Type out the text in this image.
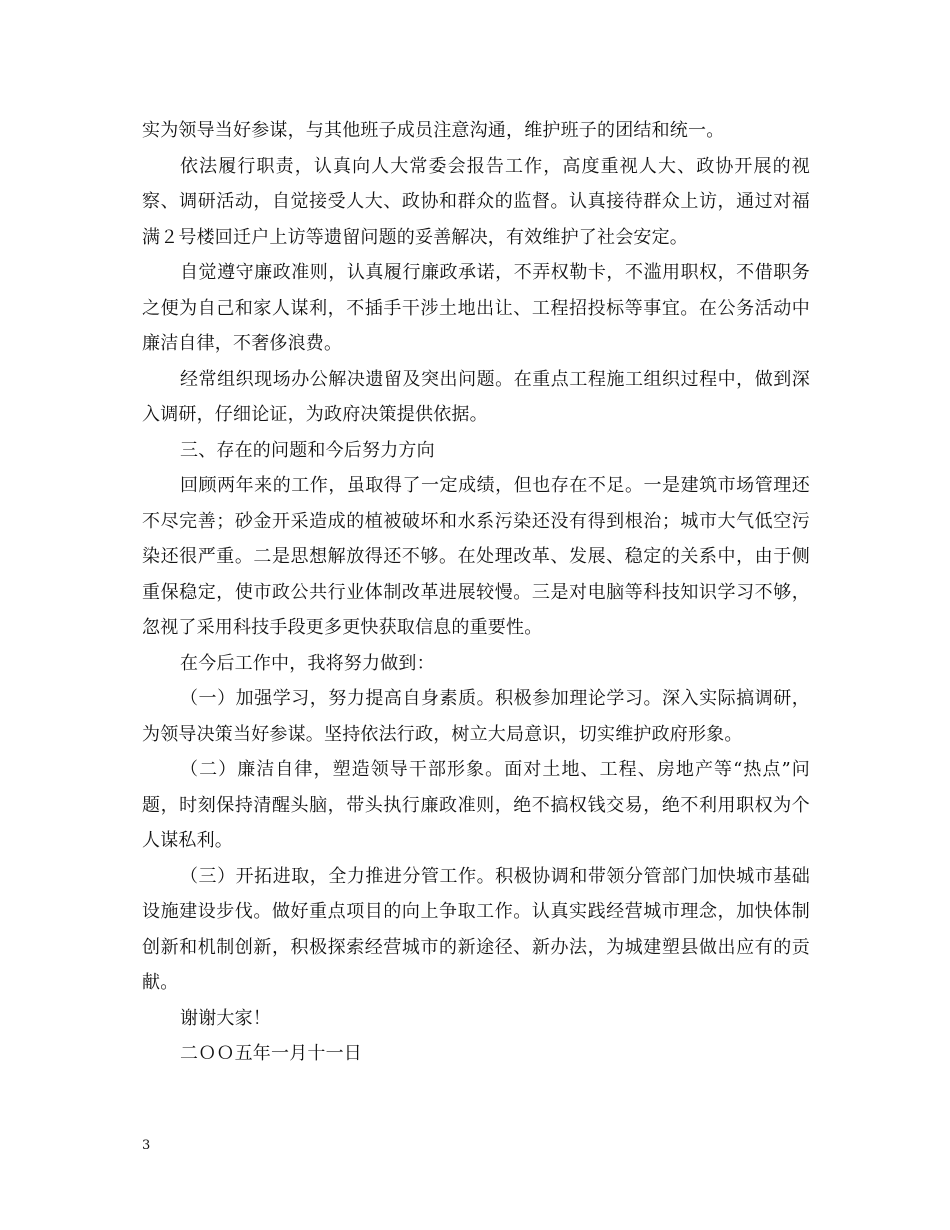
实为领导当好参谋，与其他班子成员注意沟通，维护班子的团结和统一。

依法履行职责，认真向人大常委会报告工作，高度重视人大、政协开展的视察、调研活动，自觉接受人大、政协和群众的监督。认真接待群众上访，通过对福满２号楼回迁户上访等遗留问题的妥善解决，有效维护了社会安定。

自觉遵守廉政准则，认真履行廉政承诺，不弄权勒卡，不滥用职权，不借职务之便为自己和家人谋利，不插手干涉土地出让、工程招投标等事宜。在公务活动中廉洁自律，不奢侈浪费。

经常组织现场办公解决遗留及突出问题。在重点工程施工组织过程中，做到深入调研，仔细论证，为政府决策提供依据。

三、存在的问题和今后努力方向

回顾两年来的工作，虽取得了一定成绩，但也存在不足。一是建筑市场管理还不尽完善；砂金开采造成的植被破坏和水系污染还没有得到根治；城市大气低空污染还很严重。二是思想解放得还不够。在处理改革、发展、稳定的关系中，由于侧重保稳定，使市政公共行业体制改革进展较慢。三是对电脑等科技知识学习不够，忽视了采用科技手段更多更快获取信息的重要性。

在今后工作中，我将努力做到：

（一）加强学习，努力提高自身素质。积极参加理论学习。深入实际搞调研，为领导决策当好参谋。坚持依法行政，树立大局意识，切实维护政府形象。

（二）廉洁自律，塑造领导干部形象。面对土地、工程、房地产等“热点”问题，时刻保持清醒头脑，带头执行廉政准则，绝不搞权钱交易，绝不利用职权为个人谋私利。

（三）开拓进取，全力推进分管工作。积极协调和带领分管部门加快城市基础设施建设步伐。做好重点项目的向上争取工作。认真实践经营城市理念，加快体制创新和机制创新，积极探索经营城市的新途径、新办法，为城建塑县做出应有的贡献。

谢谢大家！

二ＯＯ五年一月十一日

3
